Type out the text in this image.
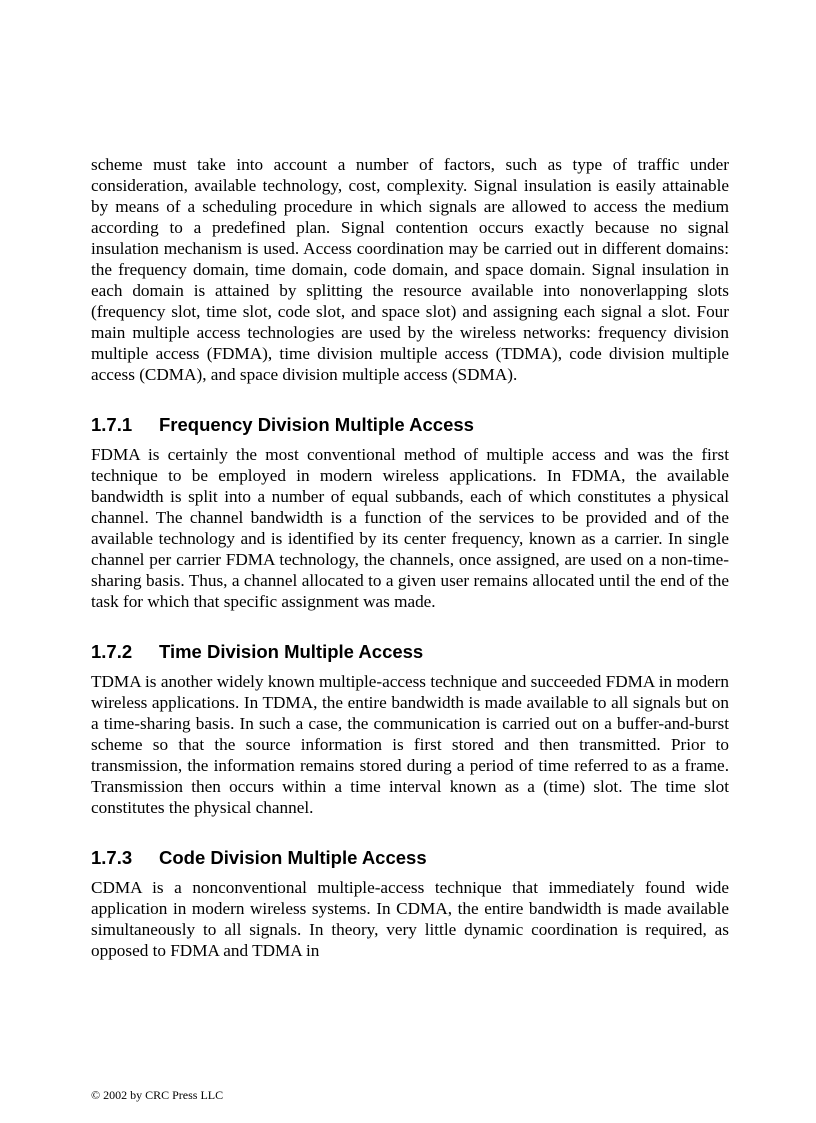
scheme must take into account a number of factors, such as type of traffic under consideration, available technology, cost, complexity. Signal insulation is easily attainable by means of a scheduling procedure in which signals are allowed to access the medium according to a predefined plan. Signal contention occurs exactly because no signal insulation mechanism is used. Access coordination may be carried out in different domains: the frequency domain, time domain, code domain, and space domain. Signal insulation in each domain is attained by splitting the resource available into nonoverlapping slots (frequency slot, time slot, code slot, and space slot) and assigning each signal a slot. Four main multiple access technologies are used by the wireless networks: frequency division multiple access (FDMA), time division multiple access (TDMA), code division multiple access (CDMA), and space division multiple access (SDMA).

1.7.1	Frequency Division Multiple Access

FDMA is certainly the most conventional method of multiple access and was the first technique to be employed in modern wireless applications. In FDMA, the available bandwidth is split into a number of equal subbands, each of which constitutes a physical channel. The channel bandwidth is a function of the services to be provided and of the available technology and is identified by its center frequency, known as a carrier. In single channel per carrier FDMA technology, the channels, once assigned, are used on a non-time-sharing basis. Thus, a channel allocated to a given user remains allocated until the end of the task for which that specific assignment was made.

1.7.2	Time Division Multiple Access

TDMA is another widely known multiple-access technique and succeeded FDMA in modern wireless applications. In TDMA, the entire bandwidth is made available to all signals but on a time-sharing basis. In such a case, the communication is carried out on a buffer-and-burst scheme so that the source information is first stored and then transmitted. Prior to transmission, the information remains stored during a period of time referred to as a frame. Transmission then occurs within a time interval known as a (time) slot. The time slot constitutes the physical channel.

1.7.3	Code Division Multiple Access

CDMA is a nonconventional multiple-access technique that immediately found wide application in modern wireless systems. In CDMA, the entire bandwidth is made available simultaneously to all signals. In theory, very little dynamic coordination is required, as opposed to FDMA and TDMA in

© 2002 by CRC Press LLC
